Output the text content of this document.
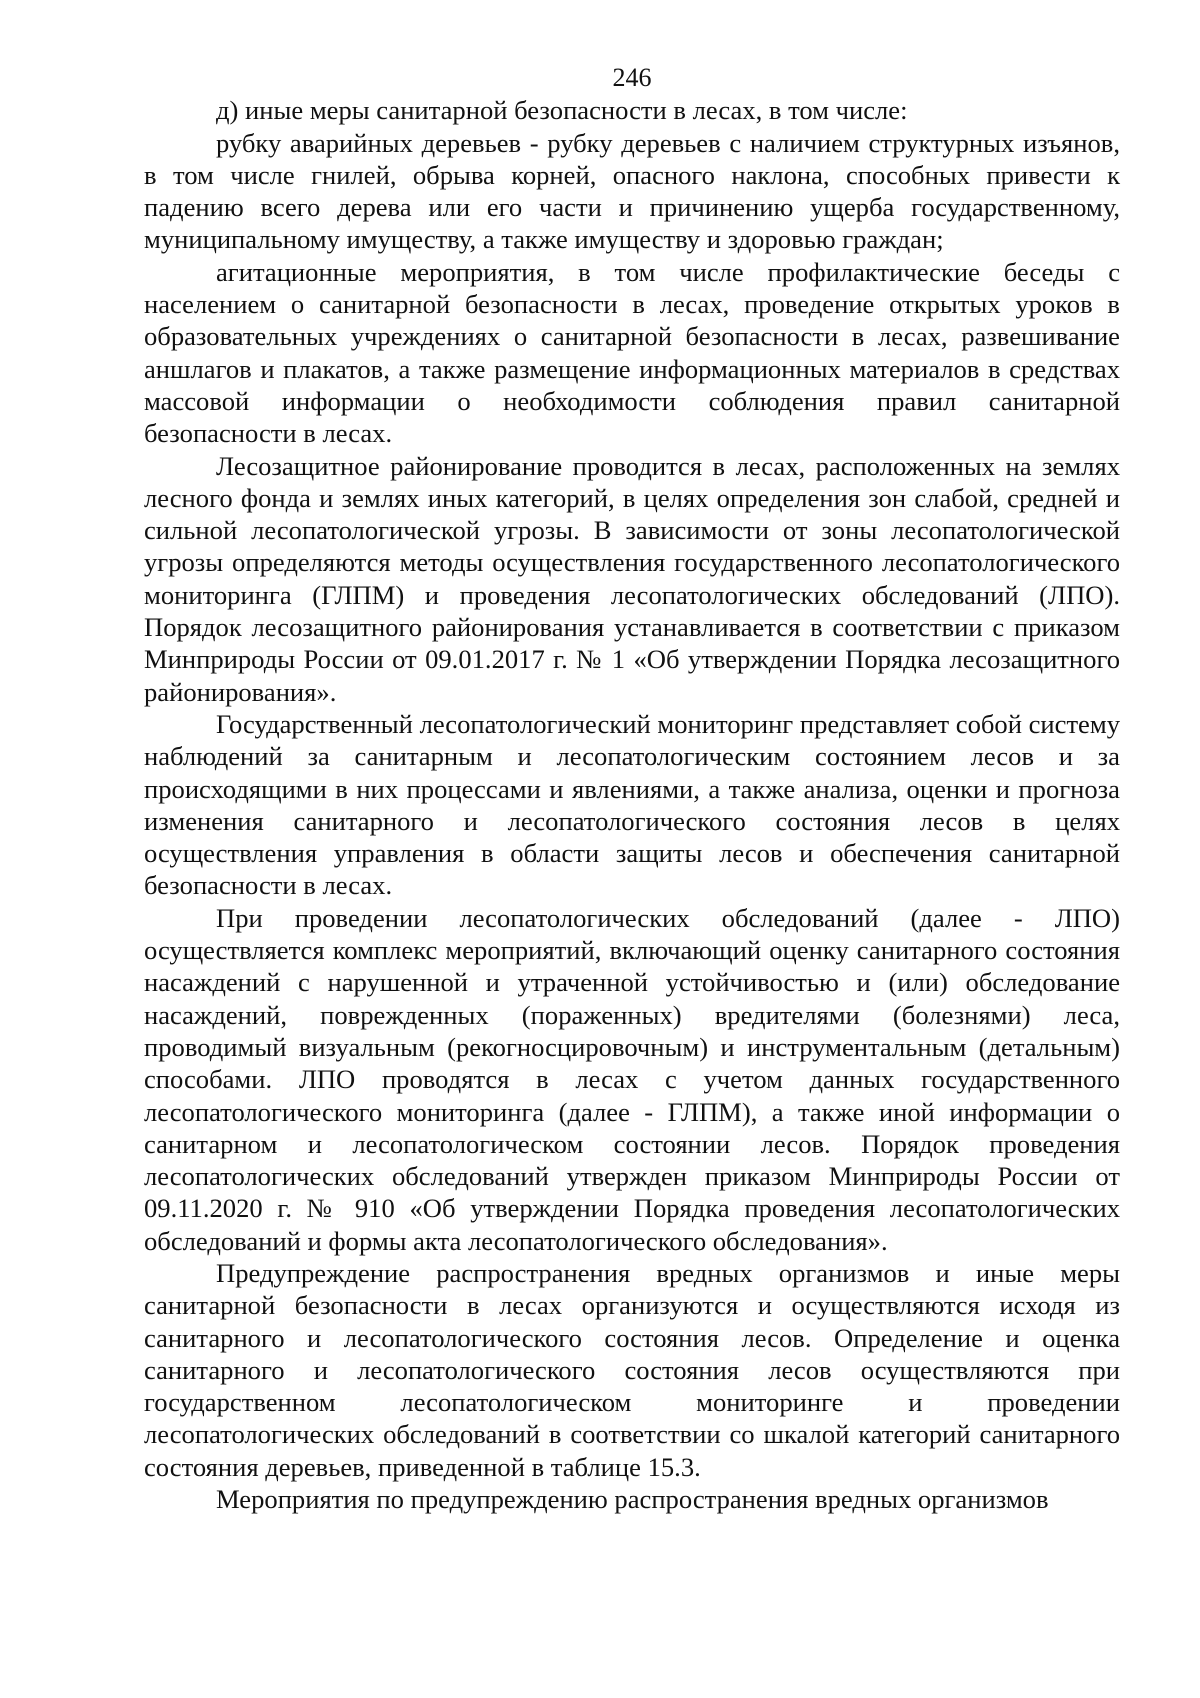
246

д) иные меры санитарной безопасности в лесах, в том числе:

рубку аварийных деревьев - рубку деревьев с наличием структурных изъянов, в том числе гнилей, обрыва корней, опасного наклона, способных привести к падению всего дерева или его части и причинению ущерба государственному, муниципальному имуществу, а также имуществу и здоровью граждан;

агитационные мероприятия, в том числе профилактические беседы с населением о санитарной безопасности в лесах, проведение открытых уроков в образовательных учреждениях о санитарной безопасности в лесах, развешивание аншлагов и плакатов, а также размещение информационных материалов в средствах массовой информации о необходимости соблюдения правил санитарной безопасности в лесах.

Лесозащитное районирование проводится в лесах, расположенных на землях лесного фонда и землях иных категорий, в целях определения зон слабой, средней и сильной лесопатологической угрозы. В зависимости от зоны лесопатологической угрозы определяются методы осуществления государственного лесопатологического мониторинга (ГЛПМ) и проведения лесопатологических обследований (ЛПО). Порядок лесозащитного районирования устанавливается в соответствии с приказом Минприроды России от 09.01.2017 г. № 1 «Об утверждении Порядка лесозащитного районирования».

Государственный лесопатологический мониторинг представляет собой систему наблюдений за санитарным и лесопатологическим состоянием лесов и за происходящими в них процессами и явлениями, а также анализа, оценки и прогноза изменения санитарного и лесопатологического состояния лесов в целях осуществления управления в области защиты лесов и обеспечения санитарной безопасности в лесах.

При проведении лесопатологических обследований (далее - ЛПО) осуществляется комплекс мероприятий, включающий оценку санитарного состояния насаждений с нарушенной и утраченной устойчивостью и (или) обследование насаждений, поврежденных (пораженных) вредителями (болезнями) леса, проводимый визуальным (рекогносцировочным) и инструментальным (детальным) способами. ЛПО проводятся в лесах с учетом данных государственного лесопатологического мониторинга (далее - ГЛПМ), а также иной информации о санитарном и лесопатологическом состоянии лесов. Порядок проведения лесопатологических обследований утвержден приказом Минприроды России от 09.11.2020 г. № 910 «Об утверждении Порядка проведения лесопатологических обследований и формы акта лесопатологического обследования».

Предупреждение распространения вредных организмов и иные меры санитарной безопасности в лесах организуются и осуществляются исходя из санитарного и лесопатологического состояния лесов. Определение и оценка санитарного и лесопатологического состояния лесов осуществляются при государственном лесопатологическом мониторинге и проведении лесопатологических обследований в соответствии со шкалой категорий санитарного состояния деревьев, приведенной в таблице 15.3.

Мероприятия по предупреждению распространения вредных организмов
